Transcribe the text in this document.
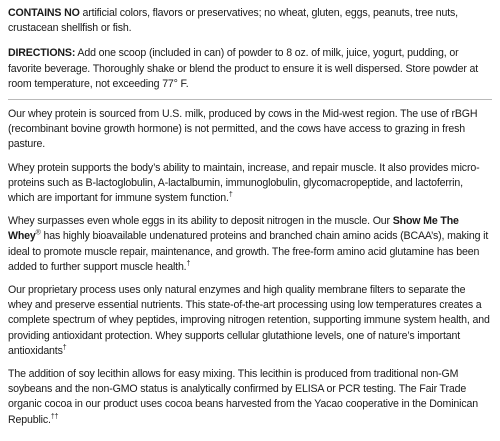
CONTAINS NO artificial colors, flavors or preservatives; no wheat, gluten, eggs, peanuts, tree nuts, crustacean shellfish or fish.

DIRECTIONS: Add one scoop (included in can) of powder to 8 oz. of milk, juice, yogurt, pudding, or favorite beverage. Thoroughly shake or blend the product to ensure it is well dispersed. Store powder at room temperature, not exceeding 77° F.

Our whey protein is sourced from U.S. milk, produced by cows in the Mid-west region. The use of rBGH (recombinant bovine growth hormone) is not permitted, and the cows have access to grazing in fresh pasture.

Whey protein supports the body’s ability to maintain, increase, and repair muscle. It also provides micro-proteins such as B-lactoglobulin, A-lactalbumin, immunoglobulin, glycomacropeptide, and lactoferrin, which are important for immune system function.†

Whey surpasses even whole eggs in its ability to deposit nitrogen in the muscle. Our Show Me The Whey® has highly bioavailable undenatured proteins and branched chain amino acids (BCAA’s), making it ideal to promote muscle repair, maintenance, and growth. The free-form amino acid glutamine has been added to further support muscle health.†

Our proprietary process uses only natural enzymes and high quality membrane filters to separate the whey and preserve essential nutrients. This state-of-the-art processing using low temperatures creates a complete spectrum of whey peptides, improving nitrogen retention, supporting immune system health, and providing antioxidant protection. Whey supports cellular glutathione levels, one of nature’s important antioxidants†

The addition of soy lecithin allows for easy mixing. This lecithin is produced from traditional non-GM soybeans and the non-GMO status is analytically confirmed by ELISA or PCR testing. The Fair Trade organic cocoa in our product uses cocoa beans harvested from the Yacao cooperative in the Dominican Republic.††
